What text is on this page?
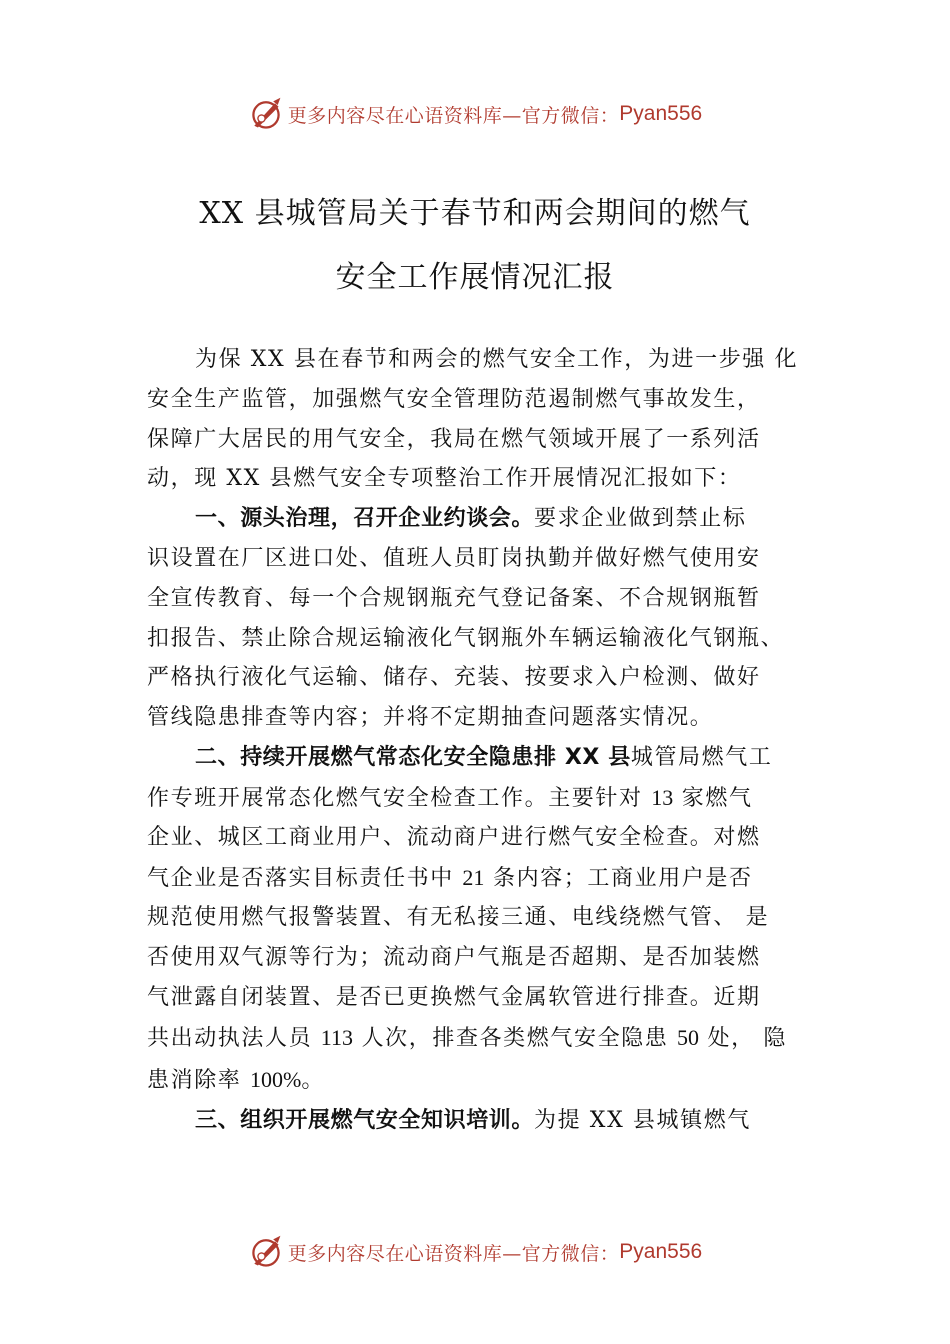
更多内容尽在心语资料库—官方微信： Pyan556
XX 县城管局关于春节和两会期间的燃气
安全工作展情况汇报
为保 XX 县在春节和两会的燃气安全工作，为进一步强 化
安全生产监管，加强燃气安全管理防范遏制燃气事故发生，
保障广大居民的用气安全，我局在燃气领域开展了一系列活
动，现 XX 县燃气安全专项整治工作开展情况汇报如下：
一、源头治理，召开企业约谈会。要求企业做到禁止标
识设置在厂区进口处、值班人员盯岗执勤并做好燃气使用安
全宣传教育、每一个合规钢瓶充气登记备案、不合规钢瓶暂
扣报告、禁止除合规运输液化气钢瓶外车辆运输液化气钢瓶、
严格执行液化气运输、储存、充装、按要求入户检测、做好
管线隐患排查等内容；并将不定期抽查问题落实情况。
二、持续开展燃气常态化安全隐患排 XX 县城管局燃气工
作专班开展常态化燃气安全检查工作。主要针对 13 家燃气
企业、城区工商业用户、流动商户进行燃气安全检查。对燃
气企业是否落实目标责任书中 21 条内容；工商业用户是否
规范使用燃气报警装置、有无私接三通、电线绕燃气管、 是
否使用双气源等行为；流动商户气瓶是否超期、是否加装燃
气泄露自闭装置、是否已更换燃气金属软管进行排查。近期
共出动执法人员 113 人次，排查各类燃气安全隐患 50 处， 隐
患消除率 100%。
三、组织开展燃气安全知识培训。为提 XX 县城镇燃气
更多内容尽在心语资料库—官方微信： Pyan556
